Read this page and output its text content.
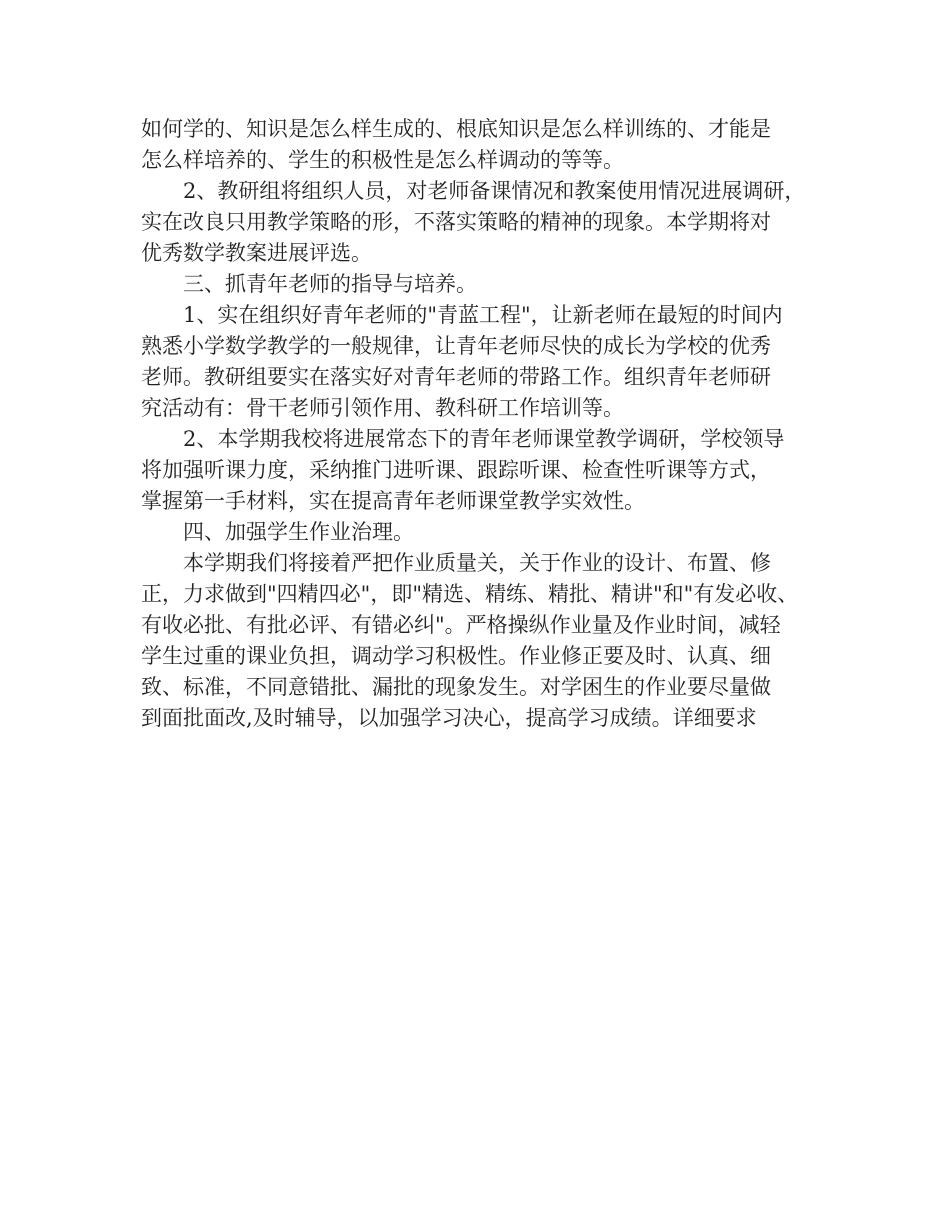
如何学的、知识是怎么样生成的、根底知识是怎么样训练的、才能是
怎么样培养的、学生的积极性是怎么样调动的等等。
2、教研组将组织人员，对老师备课情况和教案使用情况进展调研，
实在改良只用教学策略的形，不落实策略的精神的现象。本学期将对
优秀数学教案进展评选。
三、抓青年老师的指导与培养。
1、实在组织好青年老师的"青蓝工程"，让新老师在最短的时间内
熟悉小学数学教学的一般规律，让青年老师尽快的成长为学校的优秀
老师。教研组要实在落实好对青年老师的带路工作。组织青年老师研
究活动有：骨干老师引领作用、教科研工作培训等。
2、本学期我校将进展常态下的青年老师课堂教学调研，学校领导
将加强听课力度，采纳推门进听课、跟踪听课、检查性听课等方式，
掌握第一手材料，实在提高青年老师课堂教学实效性。
四、加强学生作业治理。
本学期我们将接着严把作业质量关，关于作业的设计、布置、修
正，力求做到"四精四必"，即"精选、精练、精批、精讲"和"有发必收、
有收必批、有批必评、有错必纠"。严格操纵作业量及作业时间，减轻
学生过重的课业负担，调动学习积极性。作业修正要及时、认真、细
致、标准，不同意错批、漏批的现象发生。对学困生的作业要尽量做
到面批面改,及时辅导，以加强学习决心，提高学习成绩。详细要求
